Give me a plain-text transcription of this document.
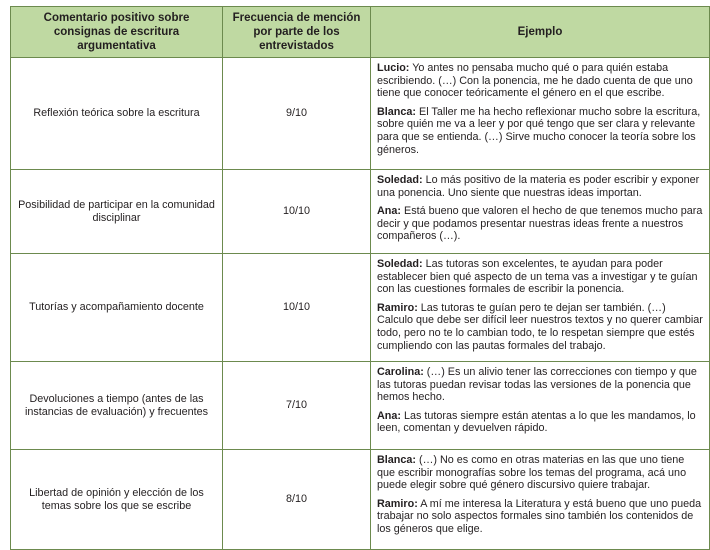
Comentario positivo sobre consignas de escritura argumentativa	Frecuencia de mención por parte de los entrevistados	Ejemplo
Reflexión teórica sobre la escritura	9/10	Lucio: Yo antes no pensaba mucho qué o para quién estaba escribiendo. (…) Con la ponencia, me he dado cuenta de que uno tiene que conocer teóricamente el género en el que escribe.

Blanca: El Taller me ha hecho reflexionar mucho sobre la escritura, sobre quién me va a leer y por qué tengo que ser clara y relevante para que se entienda. (…) Sirve mucho conocer la teoría sobre los géneros.

Posibilidad de participar en la comunidad disciplinar	10/10	Soledad: Lo más positivo de la materia es poder escribir y exponer una ponencia. Uno siente que nuestras ideas importan.

Ana: Está bueno que valoren el hecho de que tenemos mucho para decir y que podamos presentar nuestras ideas frente a nuestros compañeros (…).

Tutorías y acompañamiento docente	10/10	Soledad: Las tutoras son excelentes, te ayudan para poder establecer bien qué aspecto de un tema vas a investigar y te guían con las cuestiones formales de escribir la ponencia.

Ramiro: Las tutoras te guían pero te dejan ser también. (…) Calculo que debe ser difícil leer nuestros textos y no querer cambiar todo, pero no te lo cambian todo, te lo respetan siempre que estés cumpliendo con las pautas formales del trabajo.

Devoluciones a tiempo (antes de las instancias de evaluación) y frecuentes	7/10	Carolina: (…) Es un alivio tener las correcciones con tiempo y que las tutoras puedan revisar todas las versiones de la ponencia que hemos hecho.

Ana: Las tutoras siempre están atentas a lo que les mandamos, lo leen, comentan y devuelven rápido.

Libertad de opinión y elección de los temas sobre los que se escribe	8/10	Blanca: (…) No es como en otras materias en las que uno tiene que escribir monografías sobre los temas del programa, acá uno puede elegir sobre qué género discursivo quiere trabajar.

Ramiro: A mí me interesa la Literatura y está bueno que uno pueda trabajar no solo aspectos formales sino también los contenidos de los géneros que elige.
